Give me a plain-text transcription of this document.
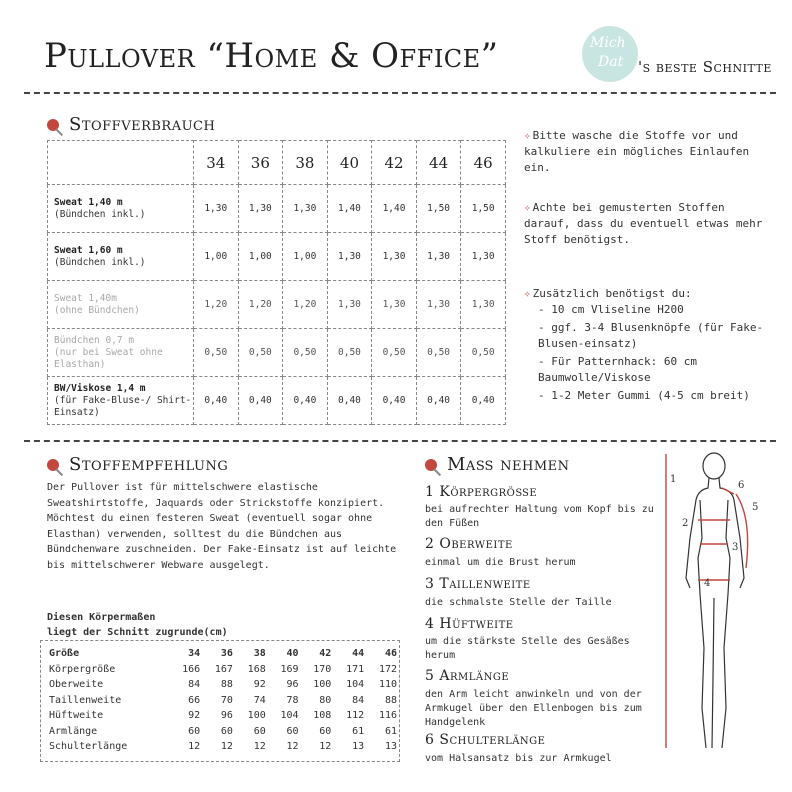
Pullover “Home & Office”	Mich
Dat 's beste Schnitte
Stoffverbrauch
	34	36	38	40	42	44	46
Sweat 1,40 m
(Bündchen inkl.)	1,30	1,30	1,30	1,40	1,40	1,50	1,50
Sweat 1,60 m
(Bündchen inkl.)	1,00	1,00	1,00	1,30	1,30	1,30	1,30
Sweat 1,40m
(ohne Bündchen)	1,20	1,20	1,20	1,30	1,30	1,30	1,30
Bündchen 0,7 m
(nur bei Sweat ohne Elasthan)	0,50	0,50	0,50	0,50	0,50	0,50	0,50
BW/Viskose 1,4 m
(für Fake-Bluse-/ Shirt-Einsatz)	0,40	0,40	0,40	0,40	0,40	0,40	0,40
✧ Bitte wasche die Stoffe vor und kalkuliere ein mögliches Einlaufen ein.
✧ Achte bei gemusterten Stoffen darauf, dass du eventuell etwas mehr Stoff benötigst.
✧ Zusätzlich benötigst du:
- 10 cm Vliseline H200
- ggf. 3-4 Blusenknöpfe (für Fake-Blusen-einsatz)
- Für Patternhack: 60 cm Baumwolle/Viskose
- 1-2 Meter Gummi (4-5 cm breit)
Stoffempfehlung
Der Pullover ist für mittelschwere elastische Sweatshirtstoffe, Jaquards oder Strickstoffe konzipiert. Möchtest du einen festeren Sweat (eventuell sogar ohne Elasthan) verwenden, solltest du die Bündchen aus Bündchenware zuschneiden. Der Fake-Einsatz ist auf leichte bis mittelschwerer Webware ausgelegt.
Diesen Körpermaßen
liegt der Schnitt zugrunde(cm)
Größe	34	36	38	40	42	44	46
Körpergröße	166	167	168	169	170	171	172
Oberweite	84	88	92	96	100	104	110
Taillenweite	66	70	74	78	80	84	88
Hüftweite	92	96	100	104	108	112	116
Armlänge	60	60	60	60	60	61	61
Schulterlänge	12	12	12	12	12	13	13
Maß nehmen
1 Körpergröße
bei aufrechter Haltung vom Kopf bis zu den Füßen
2 Oberweite
einmal um die Brust herum
3 Taillenweite
die schmalste Stelle der Taille
4 Hüftweite
um die stärkste Stelle des Gesäßes herum
5 Armlänge
den Arm leicht anwinkeln und von der Armkugel über den Ellenbogen bis zum Handgelenk
6 Schulterlänge
vom Halsansatz bis zur Armkugel
1
2
3
4
5
6
